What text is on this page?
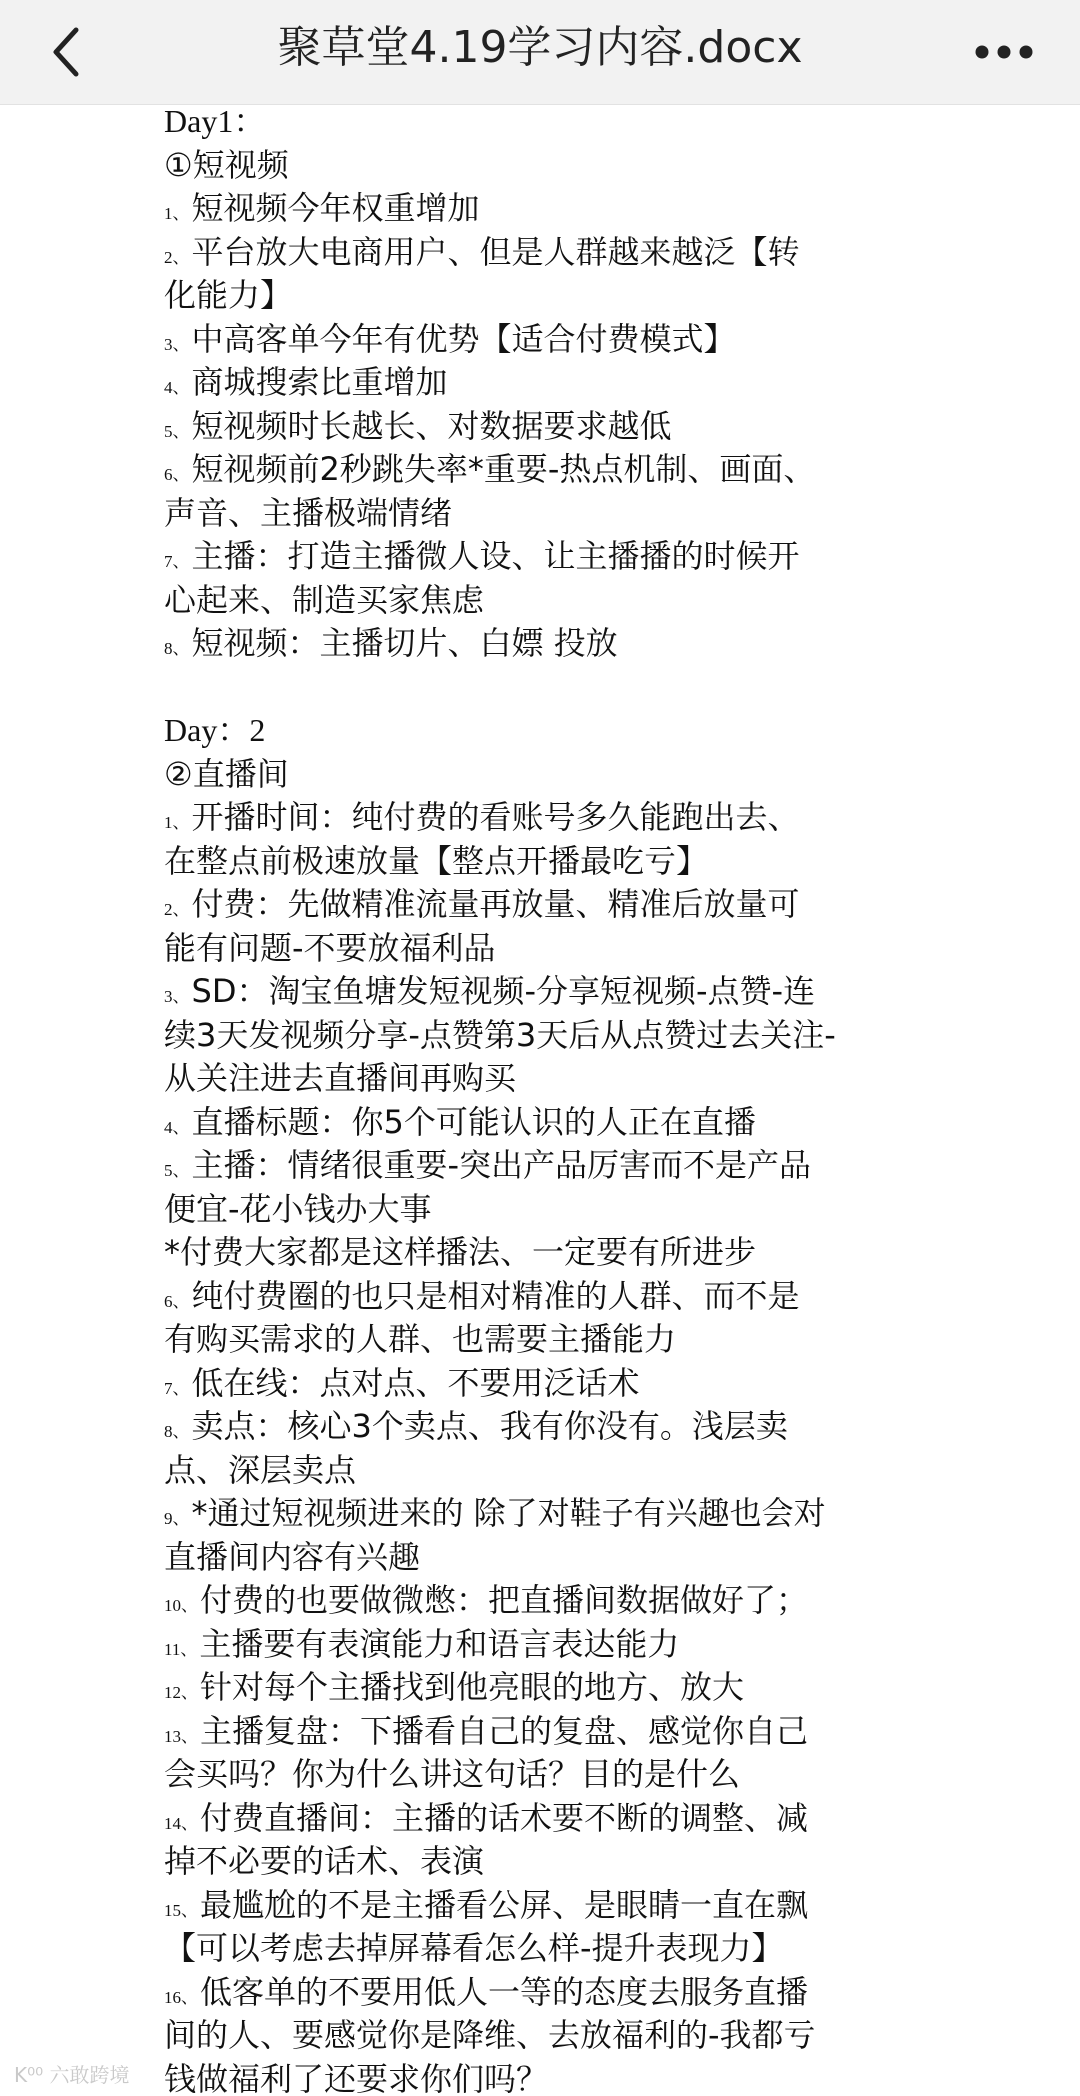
聚草堂4.19学习内容.docx
Day1：
①短视频
1、短视频今年权重增加
2、平台放大电商用户、但是人群越来越泛【转
化能力】
3、中高客单今年有优势【适合付费模式】
4、商城搜索比重增加
5、短视频时长越长、对数据要求越低
6、短视频前2秒跳失率*重要-热点机制、画面、
声音、主播极端情绪
7、主播：打造主播微人设、让主播播的时候开
心起来、制造买家焦虑
8、短视频：主播切片、白嫖 投放
Day：2
②直播间
1、开播时间：纯付费的看账号多久能跑出去、
在整点前极速放量【整点开播最吃亏】
2、付费：先做精准流量再放量、精准后放量可
能有问题-不要放福利品
3、SD：淘宝鱼塘发短视频-分享短视频-点赞-连
续3天发视频分享-点赞第3天后从点赞过去关注-
从关注进去直播间再购买
4、直播标题：你5个可能认识的人正在直播
5、主播：情绪很重要-突出产品厉害而不是产品
便宜-花小钱办大事
*付费大家都是这样播法、一定要有所进步
6、纯付费圈的也只是相对精准的人群、而不是
有购买需求的人群、也需要主播能力
7、低在线：点对点、不要用泛话术
8、卖点：核心3个卖点、我有你没有。浅层卖
点、深层卖点
9、*通过短视频进来的 除了对鞋子有兴趣也会对
直播间内容有兴趣
10、付费的也要做微憋：把直播间数据做好了；
11、主播要有表演能力和语言表达能力
12、针对每个主播找到他亮眼的地方、放大
13、主播复盘：下播看自己的复盘、感觉你自己
会买吗？你为什么讲这句话？目的是什么
14、付费直播间：主播的话术要不断的调整、减
掉不必要的话术、表演
15、最尴尬的不是主播看公屏、是眼睛一直在飘
【可以考虑去掉屏幕看怎么样-提升表现力】
16、低客单的不要用低人一等的态度去服务直播
间的人、要感觉你是降维、去放福利的-我都亏
钱做福利了还要求你们吗？
K⁰⁰ 六敢跨境
